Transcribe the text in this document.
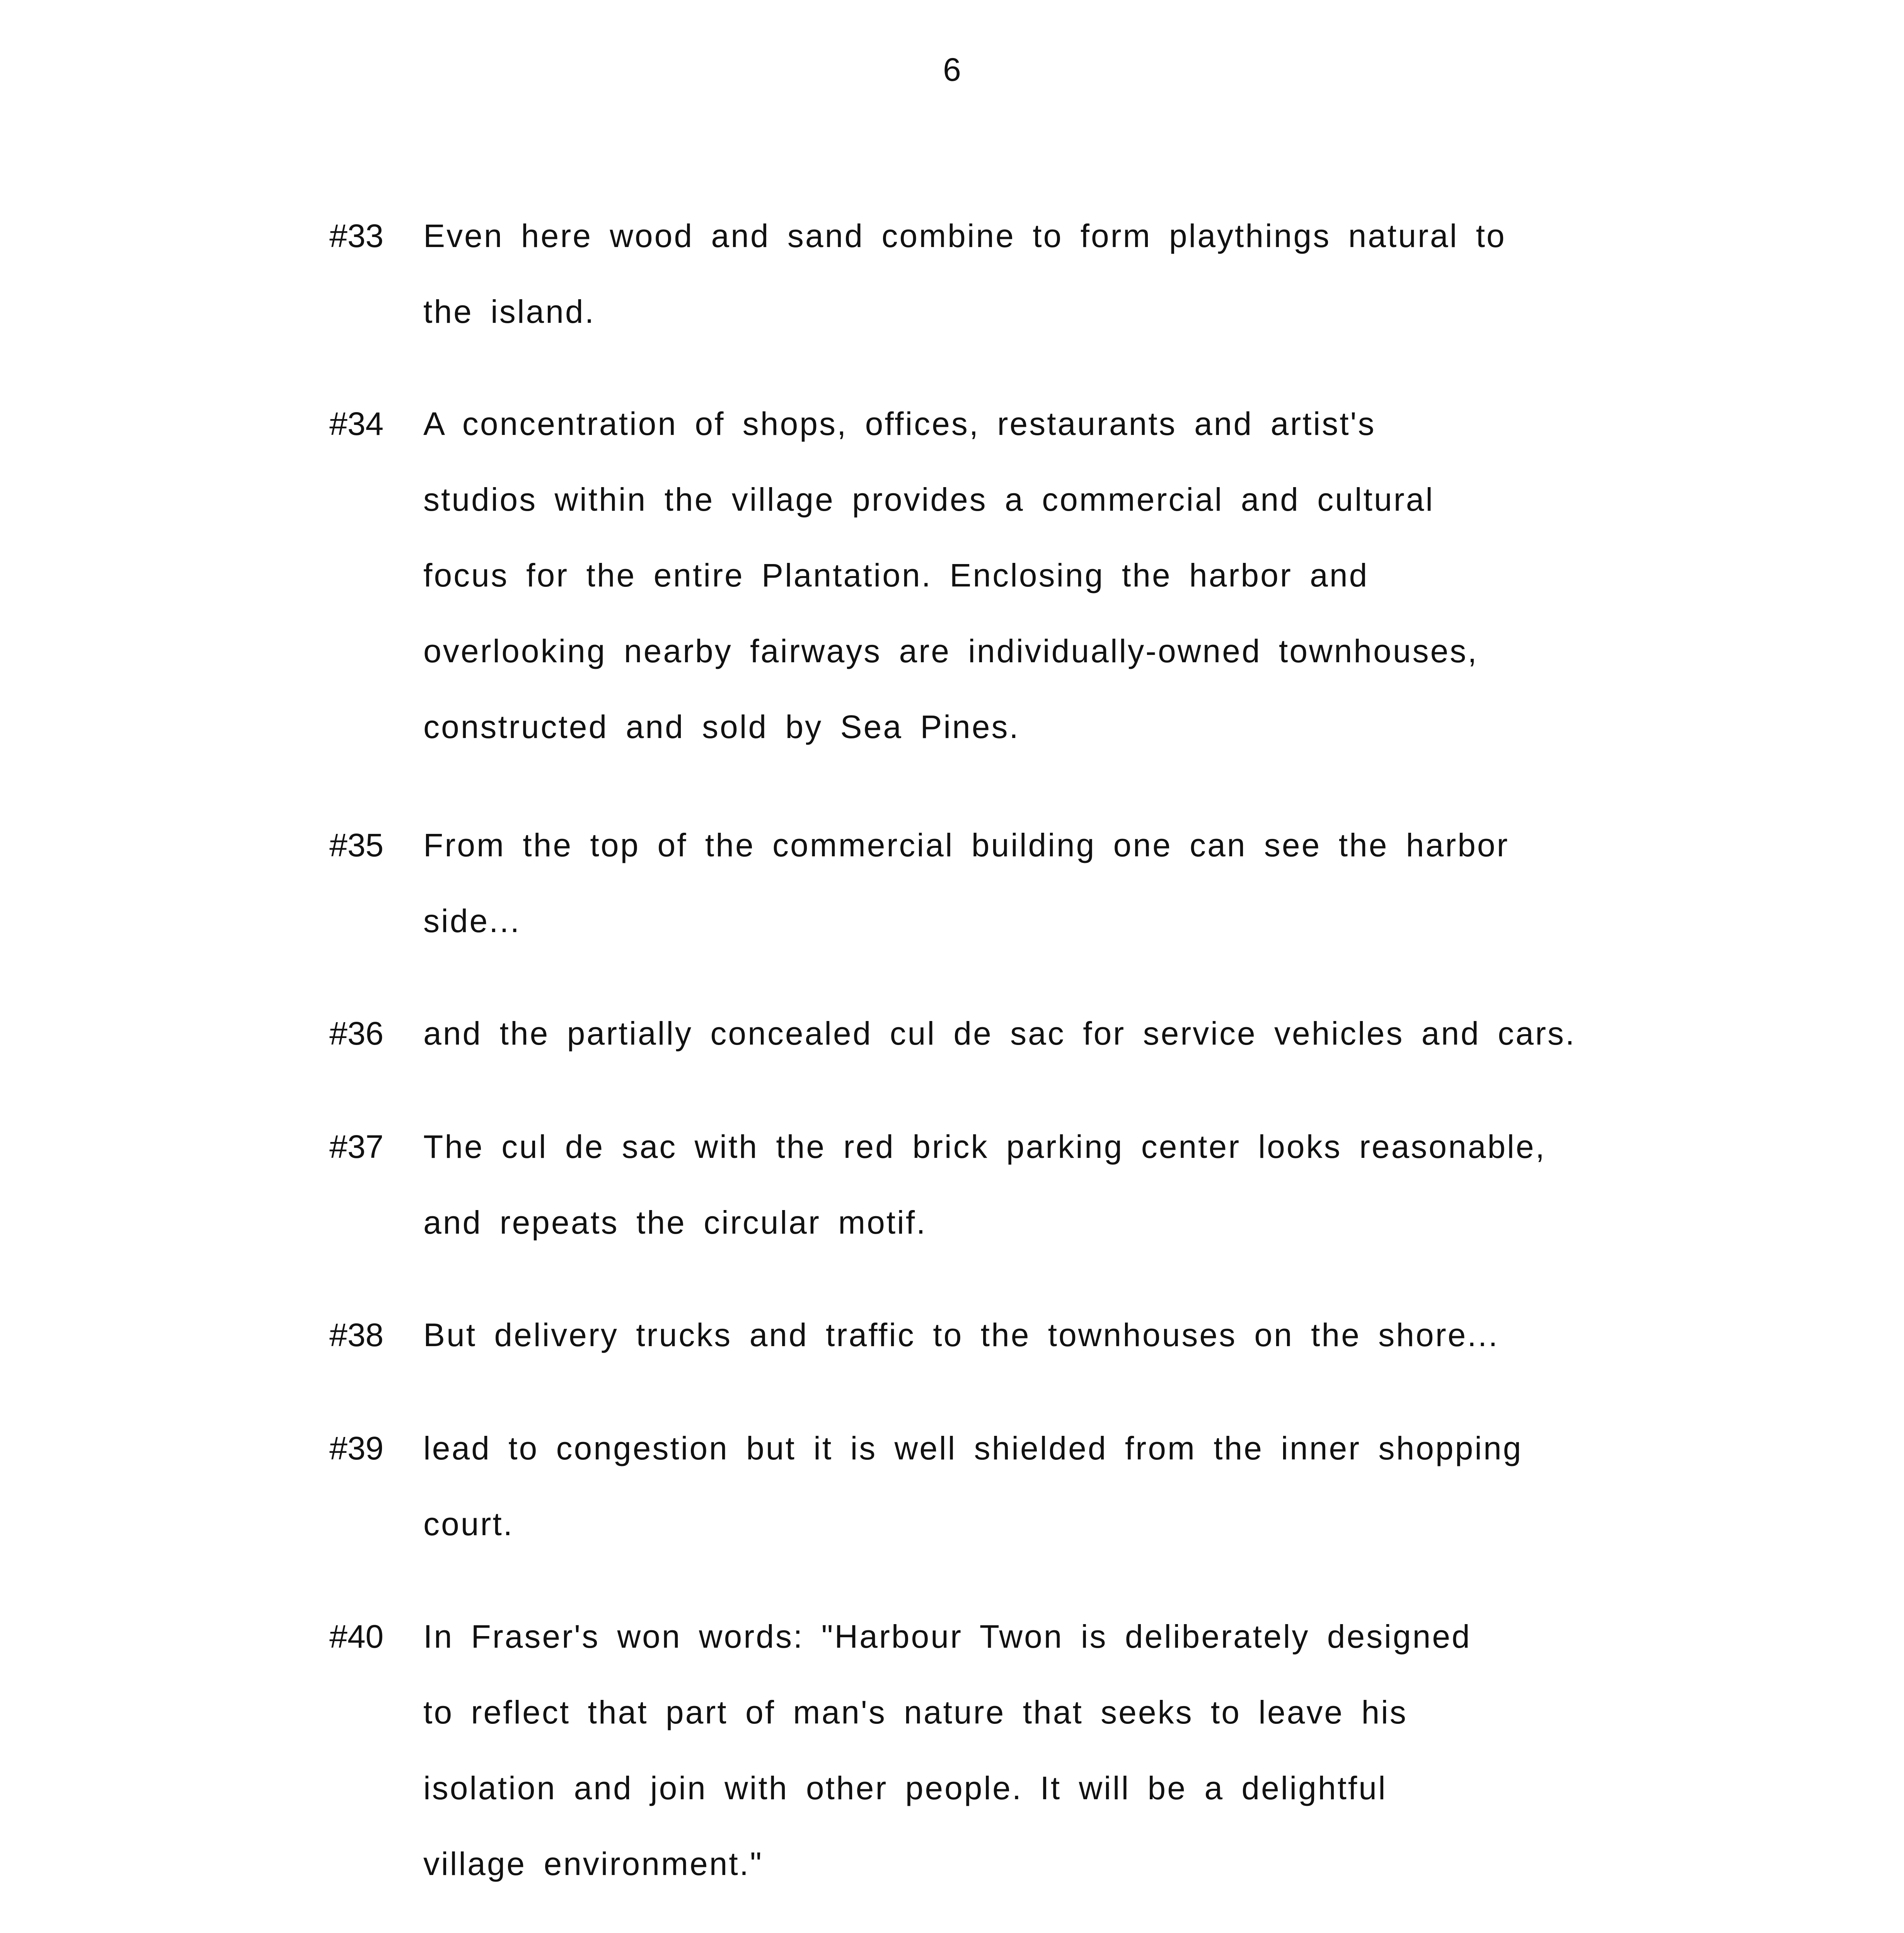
6
#33 Even here wood and sand combine to form playthings natural to
the island.
#34 A concentration of shops, offices, restaurants and artist's
studios within the village provides a commercial and cultural
focus for the entire Plantation. Enclosing the harbor and
overlooking nearby fairways are individually-owned townhouses,
constructed and sold by Sea Pines.
#35 From the top of the commercial building one can see the harbor
side...
#36 and the partially concealed cul de sac for service vehicles and cars.
#37 The cul de sac with the red brick parking center looks reasonable,
and repeats the circular motif.
#38 But delivery trucks and traffic to the townhouses on the shore...
#39 lead to congestion but it is well shielded from the inner shopping
court.
#40 In Fraser's won words: "Harbour Twon is deliberately designed
to reflect that part of man's nature that seeks to leave his
isolation and join with other people. It will be a delightful
village environment."
